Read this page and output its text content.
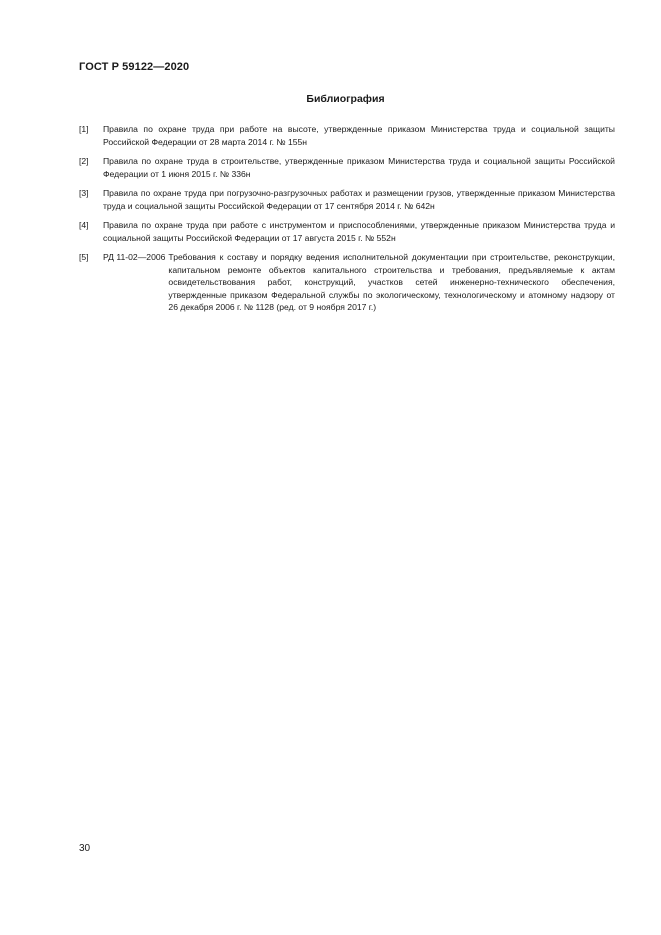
ГОСТ Р 59122—2020
Библиография
[1] Правила по охране труда при работе на высоте, утвержденные приказом Министерства труда и социальной защиты Российской Федерации от 28 марта 2014 г. № 155н
[2] Правила по охране труда в строительстве, утвержденные приказом Министерства труда и социальной защиты Российской Федерации от 1 июня 2015 г. № 336н
[3] Правила по охране труда при погрузочно-разгрузочных работах и размещении грузов, утвержденные приказом Министерства труда и социальной защиты Российской Федерации от 17 сентября 2014 г. № 642н
[4] Правила по охране труда при работе с инструментом и приспособлениями, утвержденные приказом Министерства труда и социальной защиты Российской Федерации от 17 августа 2015 г. № 552н
[5] РД 11-02—2006 Требования к составу и порядку ведения исполнительной документации при строительстве, реконструкции, капитальном ремонте объектов капитального строительства и требования, предъявляемые к актам освидетельствования работ, конструкций, участков сетей инженерно-технического обеспечения, утвержденные приказом Федеральной службы по экологическому, технологическому и атомному надзору от 26 декабря 2006 г. № 1128 (ред. от 9 ноября 2017 г.)
30
